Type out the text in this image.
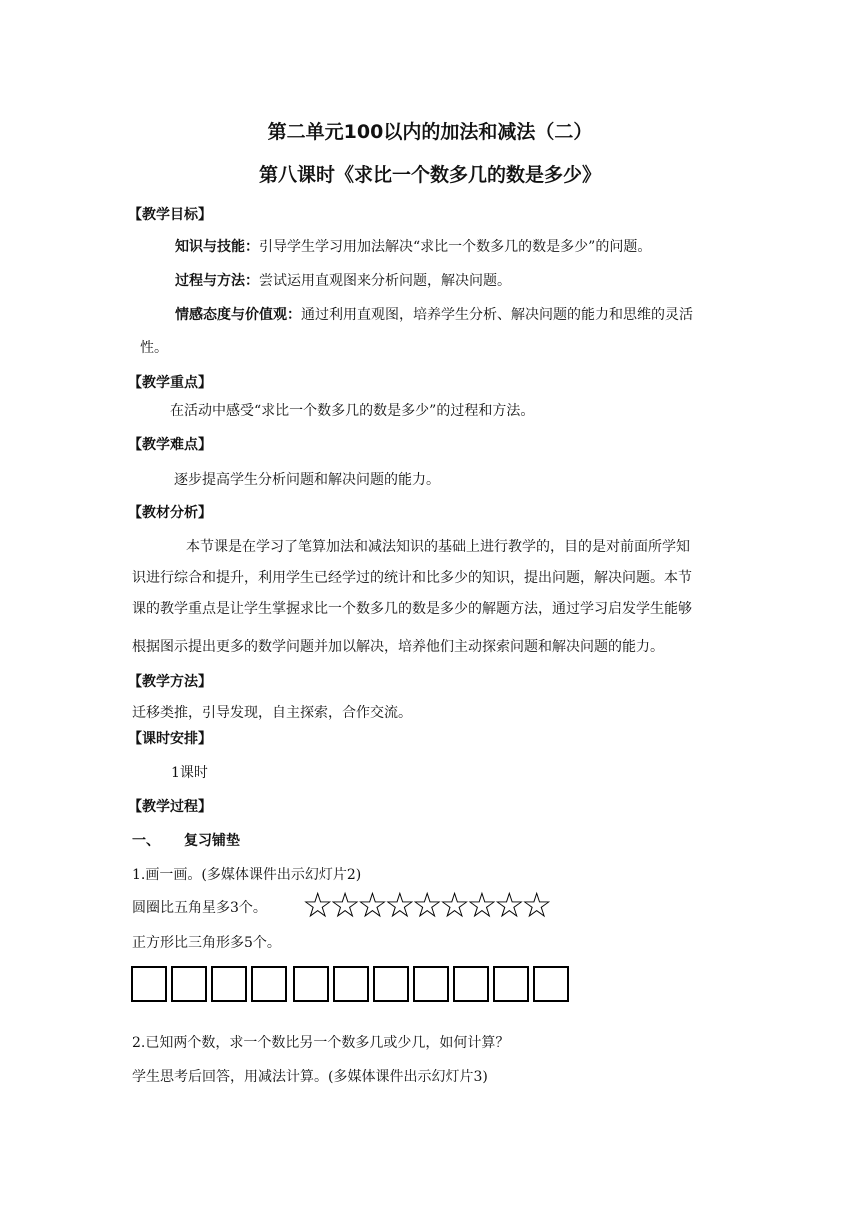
第二单元100以内的加法和减法（二）
第八课时《求比一个数多几的数是多少》
【教学目标】
知识与技能：引导学生学习用加法解决“求比一个数多几的数是多少”的问题。
过程与方法：尝试运用直观图来分析问题，解决问题。
情感态度与价值观：通过利用直观图，培养学生分析、解决问题的能力和思维的灵活
性。
【教学重点】
在活动中感受“求比一个数多几的数是多少”的过程和方法。
【教学难点】
逐步提高学生分析问题和解决问题的能力。
【教材分析】
本节课是在学习了笔算加法和减法知识的基础上进行教学的，目的是对前面所学知
识进行综合和提升，利用学生已经学过的统计和比多少的知识，提出问题，解决问题。本节
课的教学重点是让学生掌握求比一个数多几的数是多少的解题方法，通过学习启发学生能够
根据图示提出更多的数学问题并加以解决，培养他们主动探索问题和解决问题的能力。
【教学方法】
迁移类推，引导发现，自主探索，合作交流。
【课时安排】
1课时
【教学过程】
一、 复习铺垫
1.画一画。(多媒体课件出示幻灯片2)
圆圈比五角星多3个。 ☆☆☆☆☆☆☆☆☆
正方形比三角形多5个。
2.已知两个数，求一个数比另一个数多几或少几，如何计算？
学生思考后回答，用减法计算。(多媒体课件出示幻灯片3)
